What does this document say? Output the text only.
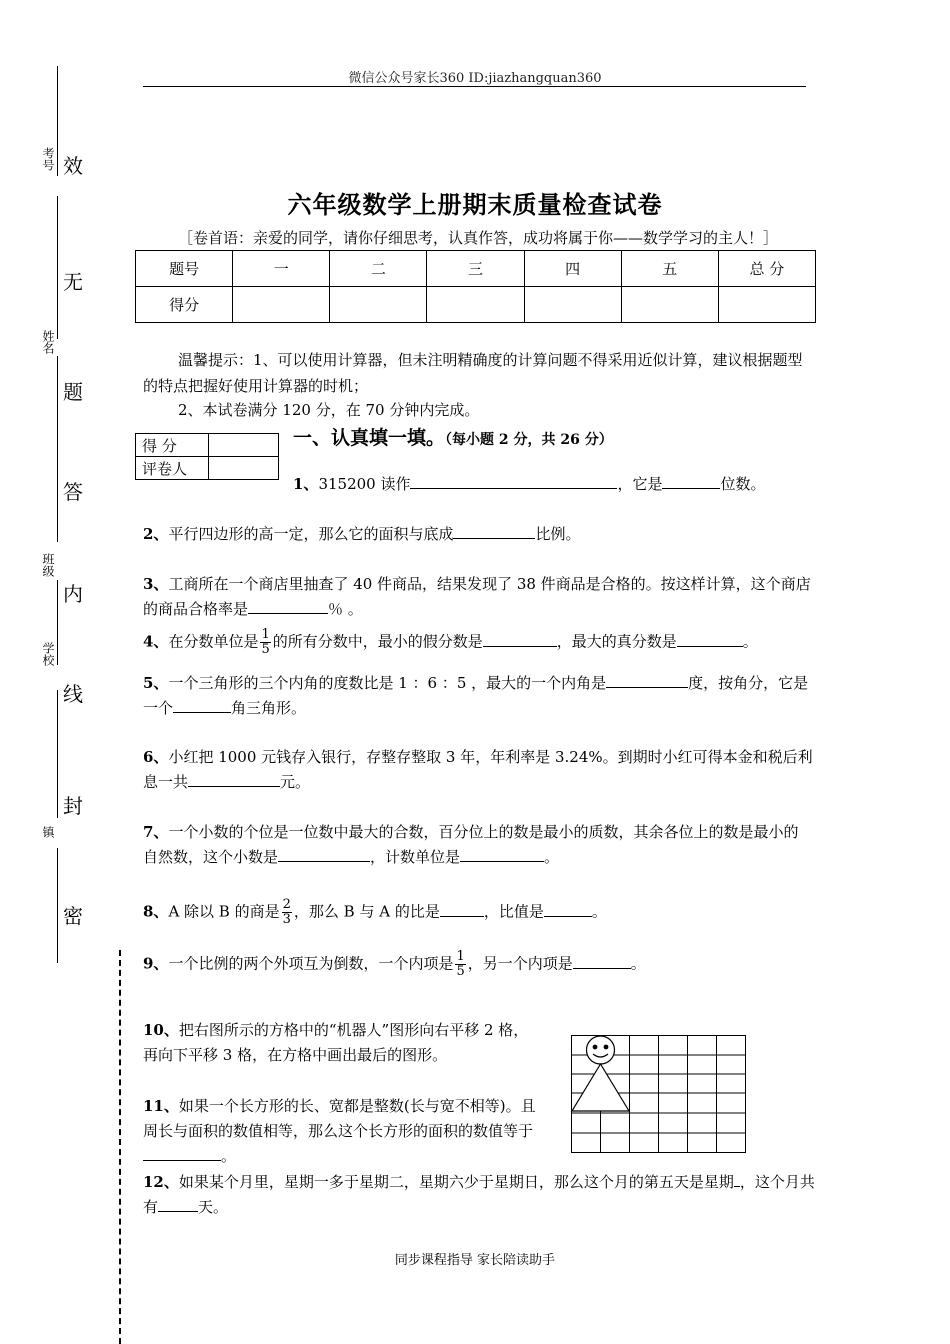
微信公众号家长360 ID:jiazhangquan360
考号
姓名
班级
学校
镇
效
无
题
答
内
线
封
密
六年级数学上册期末质量检查试卷
［卷首语：亲爱的同学，请你仔细思考，认真作答，成功将属于你——数学学习的主人！］
题号	一	二	三	四	五	总 分
得分						
温馨提示：1、可以使用计算器，但未注明精确度的计算问题不得采用近似计算，建议根据题型的特点把握好使用计算器的时机；
2、本试卷满分 120 分，在 70 分钟内完成。
得 分	
评卷人	
一、认真填一填。（每小题 2 分，共 26 分）
1、315200 读作	，它是	位数。
2、平行四边形的高一定，那么它的面积与底成	比例。
3、工商所在一个商店里抽查了 40 件商品，结果发现了 38 件商品是合格的。按这样计算，这个商店的商品合格率是	％ 。
4、在分数单位是 $\frac{1}{5}$ 的所有分数中，最小的假分数是	，最大的真分数是	。
5、一个三角形的三个内角的度数比是 1 ：6 ：5 ，最大的一个内角是	度，按角分，它是一个	角三角形。
6、小红把 1000 元钱存入银行，存整存整取 3 年，年利率是 3.24%。到期时小红可得本金和税后利息一共	元。
7、一个小数的个位是一位数中最大的合数，百分位上的数是最小的质数，其余各位上的数是最小的自然数，这个小数是	，计数单位是	。
8、A 除以 B 的商是 $\frac{2}{3}$ ，那么 B 与 A 的比是	，比值是	。
9、一个比例的两个外项互为倒数，一个内项是 $\frac{1}{5}$ ，另一个内项是	。
10、把右图所示的方格中的“机器人”图形向右平移 2 格，再向下平移 3 格，在方格中画出最后的图形。
11、如果一个长方形的长、宽都是整数(长与宽不相等)。且周长与面积的数值相等，那么这个长方形的面积的数值等于。
12、如果某个月里，星期一多于星期二，星期六少于星期日，那么这个月的第五天是星期 ，这个月共有	天。
同步课程指导 家长陪读助手
